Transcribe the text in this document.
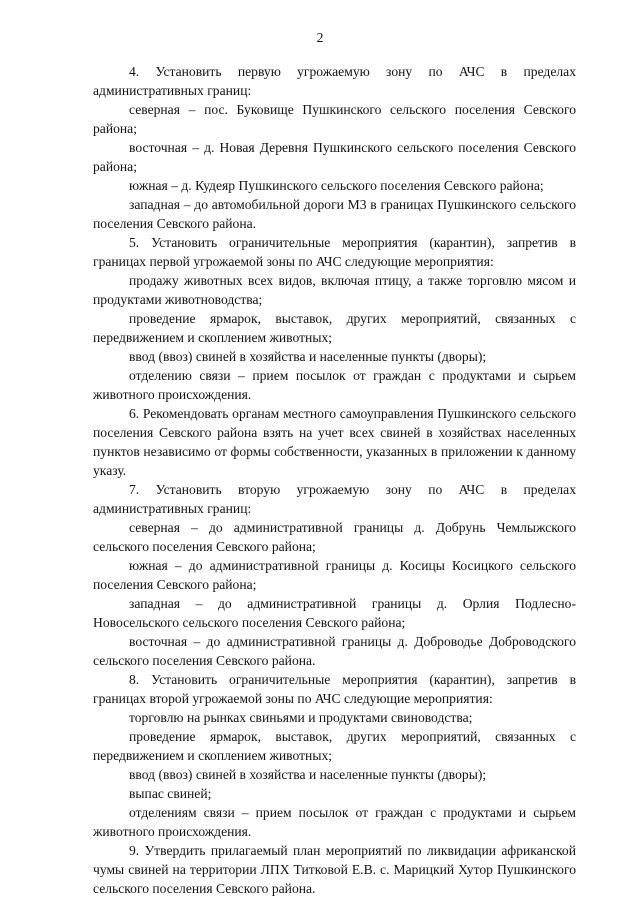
2

4. Установить первую угрожаемую зону по АЧС в пределах административных границ:

северная – пос. Буковище Пушкинского сельского поселения Севского района;

восточная – д. Новая Деревня Пушкинского сельского поселения Севского района;

южная – д. Кудеяр Пушкинского сельского поселения Севского района;

западная – до автомобильной дороги М3 в границах Пушкинского сельского поселения Севского района.

5. Установить ограничительные мероприятия (карантин), запретив в границах первой угрожаемой зоны по АЧС следующие мероприятия:

продажу животных всех видов, включая птицу, а также торговлю мясом и продуктами животноводства;

проведение ярмарок, выставок, других мероприятий, связанных с передвижением и скоплением животных;

ввод (ввоз) свиней в хозяйства и населенные пункты (дворы);

отделению связи – прием посылок от граждан с продуктами и сырьем животного происхождения.

6. Рекомендовать органам местного самоуправления Пушкинского сельского поселения Севского района взять на учет всех свиней в хозяйствах населенных пунктов независимо от формы собственности, указанных в приложении к данному указу.

7. Установить вторую угрожаемую зону по АЧС в пределах административных границ:

северная – до административной границы д. Добрунь Чемлыжского сельского поселения Севского района;

южная – до административной границы д. Косицы Косицкого сельского поселения Севского района;

западная – до административной границы д. Орлия Подлесно-Новосельского сельского поселения Севского района;

восточная – до административной границы д. Доброводье Доброводского сельского поселения Севского района.

8. Установить ограничительные мероприятия (карантин), запретив в границах второй угрожаемой зоны по АЧС следующие мероприятия:

торговлю на рынках свиньями и продуктами свиноводства;

проведение ярмарок, выставок, других мероприятий, связанных с передвижением и скоплением животных;

ввод (ввоз) свиней в хозяйства и населенные пункты (дворы);

выпас свиней;

отделениям связи – прием посылок от граждан с продуктами и сырьем животного происхождения.

9. Утвердить прилагаемый план мероприятий по ликвидации африканской чумы свиней на территории ЛПХ Титковой Е.В. с. Марицкий Хутор Пушкинского сельского поселения Севского района.
